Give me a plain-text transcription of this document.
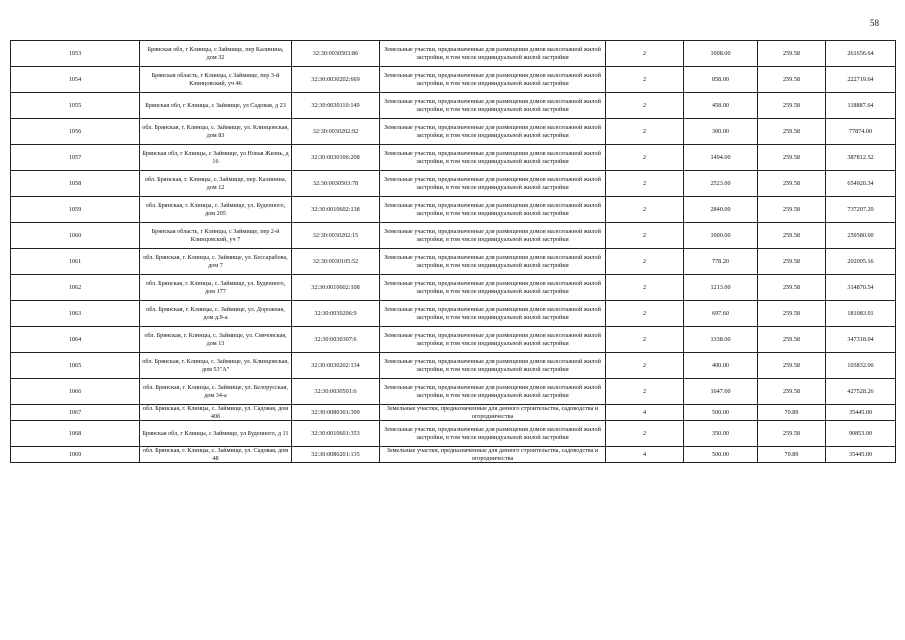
58
1053	Брянская обл, г Клинцы, с Займище, пер Калинина, дом 32	32:30:0030503:86	Земельные участки, предназначенные для размещения домов малоэтажной жилой застройки, в том числе индивидуальной жилой застройки	2	1008.00	259.58	261656.64
1054	Брянская область, г Клинцы, с Займище, пер 3-й Клинцовский, уч 46	32:30:0030202:669	Земельные участки, предназначенные для размещения домов малоэтажной жилой застройки, в том числе индивидуальной жилой застройки	2	858.00	259.58	222719.64
1055	Брянская обл, г Клинцы, с Займище, ул Садовая, д 23	32:30:0030110:149	Земельные участки, предназначенные для размещения домов малоэтажной жилой застройки, в том числе индивидуальной жилой застройки	2	458.00	259.58	118887.64
1056	обл. Брянская, г. Клинцы, с. Займище, ул. Клинцовская, дом 83	32:30:0030202:92	Земельные участки, предназначенные для размещения домов малоэтажной жилой застройки, в том числе индивидуальной жилой застройки	2	300.00	259.58	77874.00
1057	Брянская обл, г Клинцы, с Займище, ул Новая Жизнь, д 16	32:30:0030106:208	Земельные участки, предназначенные для размещения домов малоэтажной жилой застройки, в том числе индивидуальной жилой застройки	2	1494.00	259.58	387812.52
1058	обл. Брянская, г. Клинцы, с. Займище, пер. Калинина, дом 12	32:30:0030503:78	Земельные участки, предназначенные для размещения домов малоэтажной жилой застройки, в том числе индивидуальной жилой застройки	2	2523.00	259.58	654920.34
1059	обл. Брянская, г. Клинцы, с. Займище, ул. Буденного, дом 205	32:30:0010602:138	Земельные участки, предназначенные для размещения домов малоэтажной жилой застройки, в том числе индивидуальной жилой застройки	2	2840.00	259.58	737207.20
1060	Брянская область, г Клинцы, с Займище, пер 2-й Клинцовский, уч 7	32:30:0030202:15	Земельные участки, предназначенные для размещения домов малоэтажной жилой застройки, в том числе индивидуальной жилой застройки	2	1000.00	259.58	259580.00
1061	обл. Брянская, г. Клинцы, с. Займище, ул. Бессарабова, дом 7	32:30:0030105:52	Земельные участки, предназначенные для размещения домов малоэтажной жилой застройки, в том числе индивидуальной жилой застройки	2	778.20	259.58	202005.16
1062	обл. Брянская, г. Клинцы, с. Займище, ул. Буденного, дом 177	32:30:0010602:108	Земельные участки, предназначенные для размещения домов малоэтажной жилой застройки, в том числе индивидуальной жилой застройки	2	1213.00	259.58	314870.54
1063	обл. Брянская, г. Клинцы, с. Займище, ул. Дорожная, дом д.9-а	32:30:0030206:9	Земельные участки, предназначенные для размещения домов малоэтажной жилой застройки, в том числе индивидуальной жилой застройки	2	697.60	259.58	181083.01
1064	обл. Брянская, г. Клинцы, с. Займище, ул. Свячовская, дом 13	32:30:0030307:6	Земельные участки, предназначенные для размещения домов малоэтажной жилой застройки, в том числе индивидуальной жилой застройки	2	1338.00	259.58	347318.04
1065	обл. Брянская, г. Клинцы, с. Займище, ул. Клинцовская, дом 53"А"	32:30:0030202:134	Земельные участки, предназначенные для размещения домов малоэтажной жилой застройки, в том числе индивидуальной жилой застройки	2	400.00	259.58	103832.00
1066	обл. Брянская, г. Клинцы, с. Займище, ул. Белорусская, дом 34-а	32:30:0030501:6	Земельные участки, предназначенные для размещения домов малоэтажной жилой застройки, в том числе индивидуальной жилой застройки	2	1647.00	259.58	427528.26
1067	обл. Брянская, г. Клинцы, с. Займище, ул. Садовая, дом 40б	32:30:0080301:399	Земельные участки, предназначенные для дачного строительства, садоводства и огородничества	4	500.00	70.89	35445.00
1068	Брянская обл, г Клинцы, с Займище, ул Буденного, д 11	32:30:0010601:353	Земельные участки, предназначенные для размещения домов малоэтажной жилой застройки, в том числе индивидуальной жилой застройки	2	350.00	259.58	90853.00
1069	обл. Брянская, г. Клинцы, с. Займище, ул. Садовая, дом 48	32:30:0080201:135	Земельные участки, предназначенные для дачного строительства, садоводства и огородничества	4	500.00	70.89	35445.00
